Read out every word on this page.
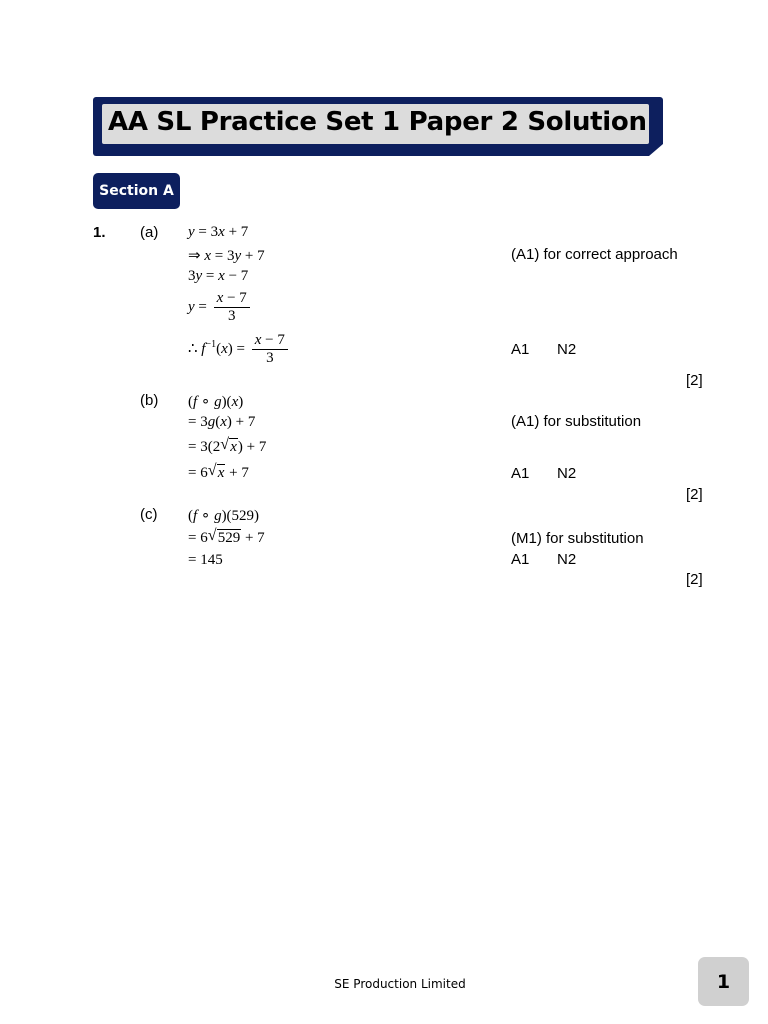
AA SL Practice Set 1 Paper 2 Solution
Section A
1. (a) y = 3x + 7
⇒ x = 3y + 7
3y = x − 7
$y = \frac{x - 7}{3}$
∴ $f^{-1}(x) = \frac{x - 7}{3}$
(A1) for correct approach
A1 N2
[2]
(b) (f ∘ g)(x)
= 3g(x) + 7
= 3(2 √ x) + 7
= 6 √ x + 7
(A1) for substitution
A1 N2
[2]
(c) (f ∘ g)(529)
= 6 √ 529 + 7
= 145
(M1) for substitution
A1 N2
[2]
SE Production Limited	1
